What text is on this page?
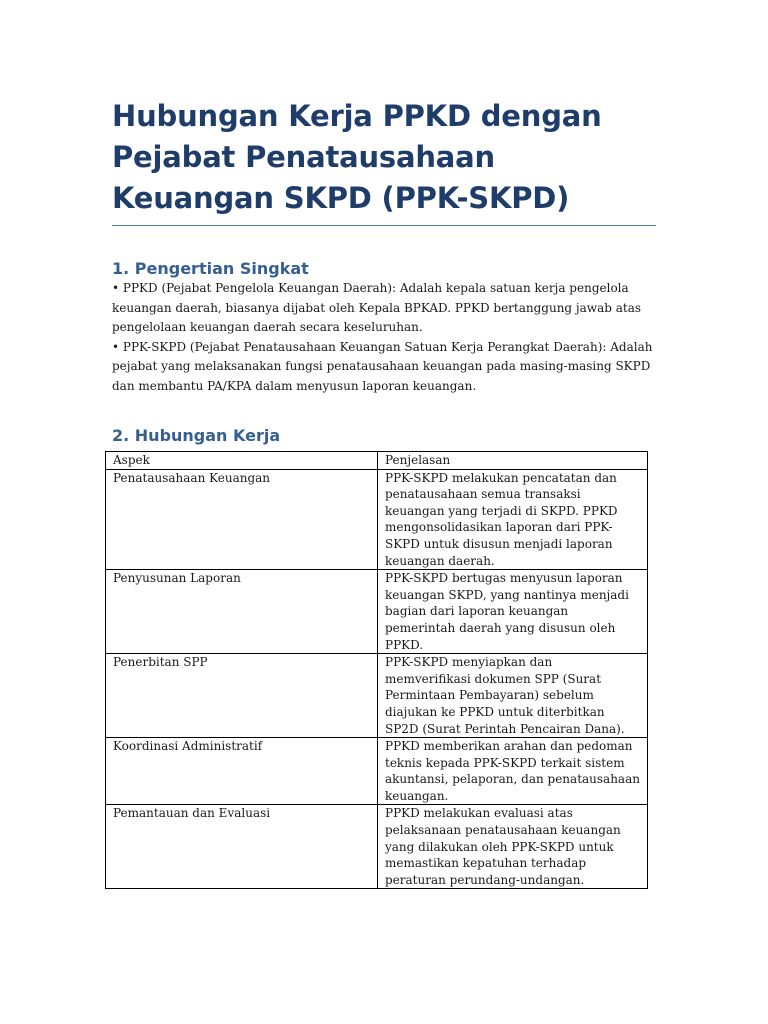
Hubungan Kerja PPKD dengan Pejabat Penatausahaan Keuangan SKPD (PPK-SKPD)
1. Pengertian Singkat

• PPKD (Pejabat Pengelola Keuangan Daerah): Adalah kepala satuan kerja pengelola keuangan daerah, biasanya dijabat oleh Kepala BPKAD. PPKD bertanggung jawab atas pengelolaan keuangan daerah secara keseluruhan.

• PPK-SKPD (Pejabat Penatausahaan Keuangan Satuan Kerja Perangkat Daerah): Adalah pejabat yang melaksanakan fungsi penatausahaan keuangan pada masing-masing SKPD dan membantu PA/KPA dalam menyusun laporan keuangan.

2. Hubungan Kerja
Aspek	Penjelasan
Penatausahaan Keuangan	PPK-SKPD melakukan pencatatan dan penatausahaan semua transaksi keuangan yang terjadi di SKPD. PPKD mengonsolidasikan laporan dari PPK-SKPD untuk disusun menjadi laporan keuangan daerah.
Penyusunan Laporan	PPK-SKPD bertugas menyusun laporan keuangan SKPD, yang nantinya menjadi bagian dari laporan keuangan pemerintah daerah yang disusun oleh PPKD.
Penerbitan SPP	PPK-SKPD menyiapkan dan memverifikasi dokumen SPP (Surat Permintaan Pembayaran) sebelum diajukan ke PPKD untuk diterbitkan SP2D (Surat Perintah Pencairan Dana).
Koordinasi Administratif	PPKD memberikan arahan dan pedoman teknis kepada PPK-SKPD terkait sistem akuntansi, pelaporan, dan penatausahaan keuangan.
Pemantauan dan Evaluasi	PPKD melakukan evaluasi atas pelaksanaan penatausahaan keuangan yang dilakukan oleh PPK-SKPD untuk memastikan kepatuhan terhadap peraturan perundang-undangan.
